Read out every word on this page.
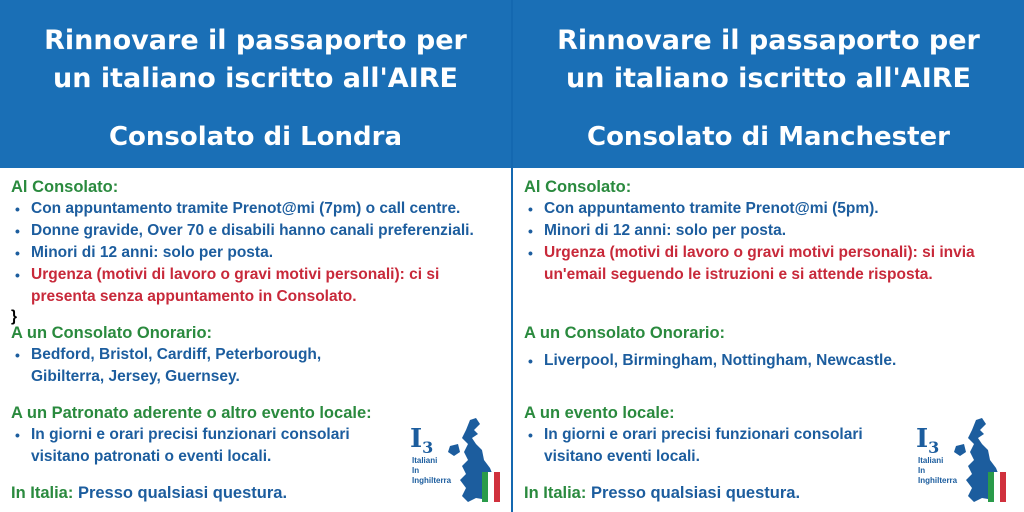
Rinnovare il passaporto per
un italiano iscritto all'AIRE
Consolato di Londra
Al Consolato:
• Con appuntamento tramite Prenot@mi (7pm) o call centre.
• Donne gravide, Over 70 e disabili hanno canali preferenziali.
• Minori di 12 anni: solo per posta.
• Urgenza (motivi di lavoro o gravi motivi personali): ci si presenta senza appuntamento in Consolato.
}
A un Consolato Onorario:
• Bedford, Bristol, Cardiff, Peterborough, Gibilterra, Jersey, Guernsey.
A un Patronato aderente o altro evento locale:
• In giorni e orari precisi funzionari consolari visitano patronati o eventi locali.
In Italia: Presso qualsiasi questura.
$I_3$
Italiani
In
Inghilterra
Rinnovare il passaporto per
un italiano iscritto all'AIRE
Consolato di Manchester
Al Consolato:
• Con appuntamento tramite Prenot@mi (5pm).
• Minori di 12 anni: solo per posta.
• Urgenza (motivi di lavoro o gravi motivi personali): si invia un'email seguendo le istruzioni e si attende risposta.
A un Consolato Onorario:
• Liverpool, Birmingham, Nottingham, Newcastle.
A un evento locale:
• In giorni e orari precisi funzionari consolari visitano eventi locali.
In Italia: Presso qualsiasi questura.
$I_3$
Italiani
In
Inghilterra
